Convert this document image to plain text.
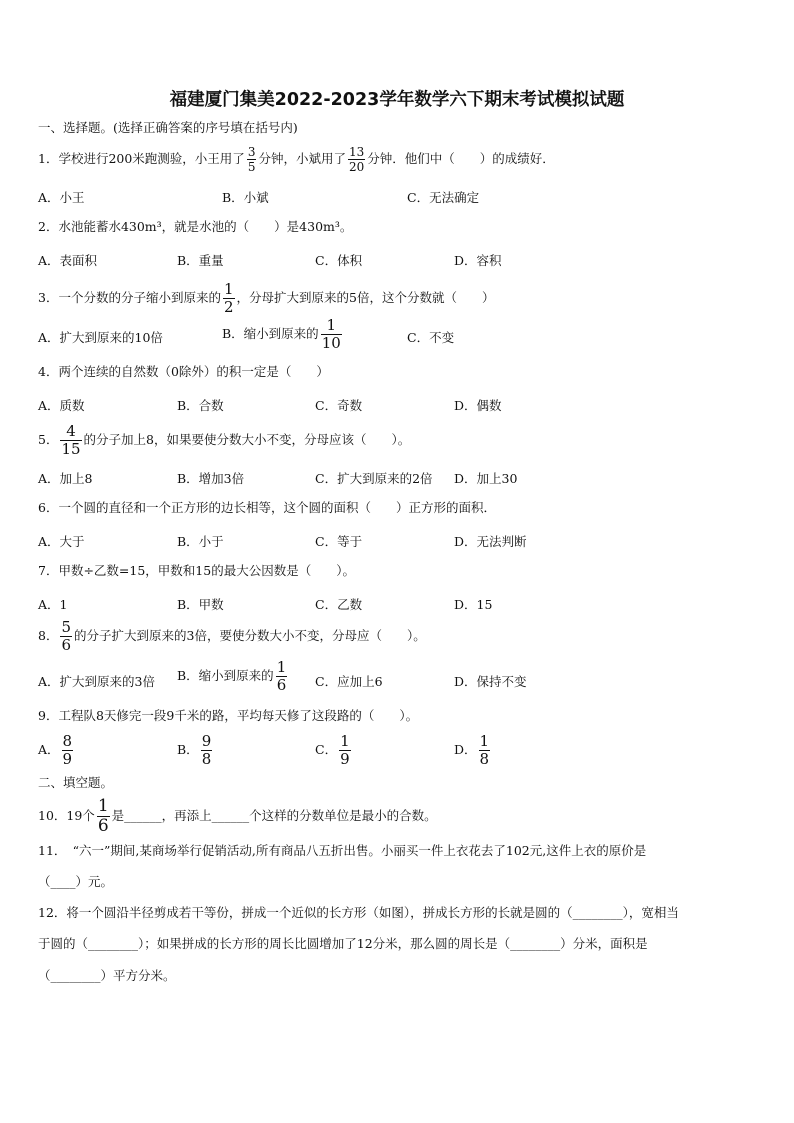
福建厦门集美2022-2023学年数学六下期末考试模拟试题
一、选择题。(选择正确答案的序号填在括号内)
1．学校进行200米跑测验，小王用了 $\frac{3}{5}$ 分钟，小斌用了 $\frac{13}{20}$ 分钟．他们中（　　）的成绩好．
A．小王	B．小斌	C．无法确定
2．水池能蓄水430m³，就是水池的（　　）是430m³。
A．表面积	B．重量	C．体积	D．容积
3．一个分数的分子缩小到原来的 $\frac{1}{2}$ ，分母扩大到原来的5倍，这个分数就（　　）
A．扩大到原来的10倍	B．缩小到原来的 $\frac{1}{10}$	C．不变
4．两个连续的自然数（0除外）的积一定是（　　）
A．质数	B．合数	C．奇数	D．偶数
5． $\frac{4}{15}$ 的分子加上8，如果要使分数大小不变，分母应该（　　）。
A．加上8	B．增加3倍	C．扩大到原来的2倍 D．加上30
6．一个圆的直径和一个正方形的边长相等，这个圆的面积（　　）正方形的面积．
A．大于	B．小于	C．等于	D．无法判断
7．甲数÷乙数=15，甲数和15的最大公因数是（　　）。
A．1	B．甲数	C．乙数	D．15
8． $\frac{5}{6}$ 的分子扩大到原来的3倍，要使分数大小不变，分母应（　　）。
A．扩大到原来的3倍 B．缩小到原来的 $\frac{1}{6}$ C．应加上6	D．保持不变
9．工程队8天修完一段9千米的路，平均每天修了这段路的（　　）。
A． $\frac{8}{9}$	B． $\frac{9}{8}$	C． $\frac{1}{9}$	D． $\frac{1}{8}$
二、填空题。
10．19个 $\frac{1}{6}$ 是______，再添上______个这样的分数单位是最小的合数。
11．　“六一”期间,某商场举行促销活动,所有商品八五折出售。小丽买一件上衣花去了102元,这件上衣的原价是
（____）元。
12．将一个圆沿半径剪成若干等份，拼成一个近似的长方形（如图），拼成长方形的长就是圆的（________），宽相当
于圆的（________）；如果拼成的长方形的周长比圆增加了12分米，那么圆的周长是（________）分米，面积是
（________）平方分米。
